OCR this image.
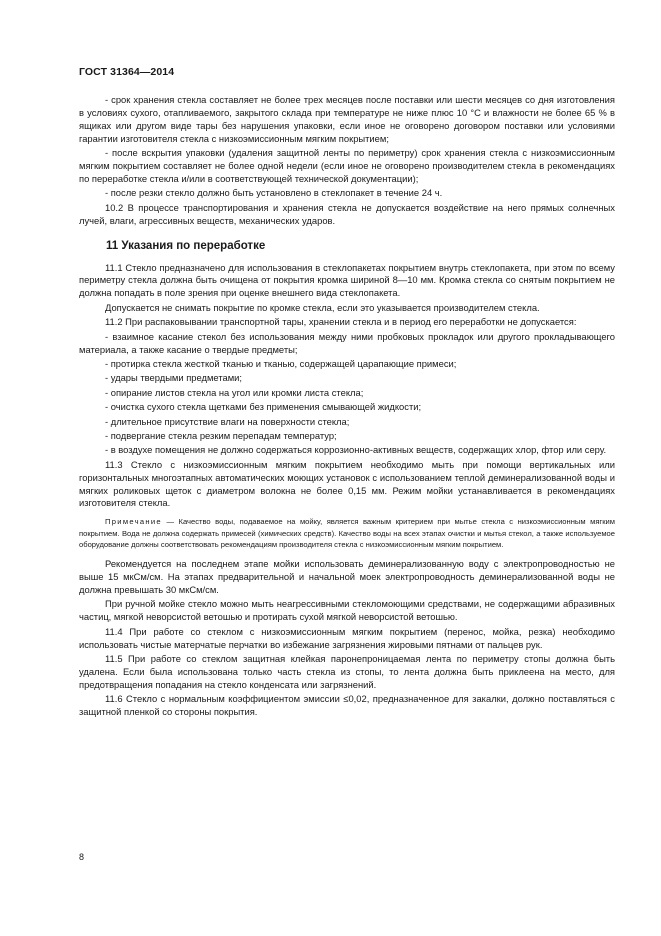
ГОСТ 31364—2014

- срок хранения стекла составляет не более трех месяцев после поставки или шести месяцев со дня изготовления в условиях сухого, отапливаемого, закрытого склада при температуре не ниже плюс 10 °С и влажности не более 65 % в ящиках или другом виде тары без нарушения упаковки, если иное не оговорено договором поставки или условиями гарантии изготовителя стекла с низкоэмиссионным мягким покрытием;

- после вскрытия упаковки (удаления защитной ленты по периметру) срок хранения стекла с низкоэмиссионным мягким покрытием составляет не более одной недели (если иное не оговорено производителем стекла в рекомендациях по переработке стекла и/или в соответствующей технической документации);

- после резки стекло должно быть установлено в стеклопакет в течение 24 ч.

10.2 В процессе транспортирования и хранения стекла не допускается воздействие на него прямых солнечных лучей, влаги, агрессивных веществ, механических ударов.

11 Указания по переработке

11.1 Стекло предназначено для использования в стеклопакетах покрытием внутрь стеклопакета, при этом по всему периметру стекла должна быть очищена от покрытия кромка шириной 8—10 мм. Кромка стекла со снятым покрытием не должна попадать в поле зрения при оценке внешнего вида стеклопакета.

Допускается не снимать покрытие по кромке стекла, если это указывается производителем стекла.

11.2 При распаковывании транспортной тары, хранении стекла и в период его переработки не допускается:

- взаимное касание стекол без использования между ними пробковых прокладок или другого прокладывающего материала, а также касание о твердые предметы;

- протирка стекла жесткой тканью и тканью, содержащей царапающие примеси;

- удары твердыми предметами;

- опирание листов стекла на угол или кромки листа стекла;

- очистка сухого стекла щетками без применения смывающей жидкости;

- длительное присутствие влаги на поверхности стекла;

- подвергание стекла резким перепадам температур;

- в воздухе помещения не должно содержаться коррозионно-активных веществ, содержащих хлор, фтор или серу.

11.3 Стекло с низкоэмиссионным мягким покрытием необходимо мыть при помощи вертикальных или горизонтальных многоэтапных автоматических моющих установок с использованием теплой деминерализованной воды и мягких роликовых щеток с диаметром волокна не более 0,15 мм. Режим мойки устанавливается в рекомендациях изготовителя стекла.

Примечание — Качество воды, подаваемое на мойку, является важным критерием при мытье стекла с низкоэмиссионным мягким покрытием. Вода не должна содержать примесей (химических средств). Качество воды на всех этапах очистки и мытья стекол, а также используемое оборудование должны соответствовать рекомендациям производителя стекла с низкоэмиссионным мягким покрытием.

Рекомендуется на последнем этапе мойки использовать деминерализованную воду с электропроводностью не выше 15 мкСм/см. На этапах предварительной и начальной моек электропроводность деминерализованной воды не должна превышать 30 мкСм/см.

При ручной мойке стекло можно мыть неагрессивными стекломоющими средствами, не содержащими абразивных частиц, мягкой неворсистой ветошью и протирать сухой мягкой неворсистой ветошью.

11.4 При работе со стеклом с низкоэмиссионным мягким покрытием (перенос, мойка, резка) необходимо использовать чистые матерчатые перчатки во избежание загрязнения жировыми пятнами от пальцев рук.

11.5 При работе со стеклом защитная клейкая паронепроницаемая лента по периметру стопы должна быть удалена. Если была использована только часть стекла из стопы, то лента должна быть приклеена на место, для предотвращения попадания на стекло конденсата или загрязнений.

11.6 Стекло с нормальным коэффициентом эмиссии ≤0,02, предназначенное для закалки, должно поставляться с защитной пленкой со стороны покрытия.

8
